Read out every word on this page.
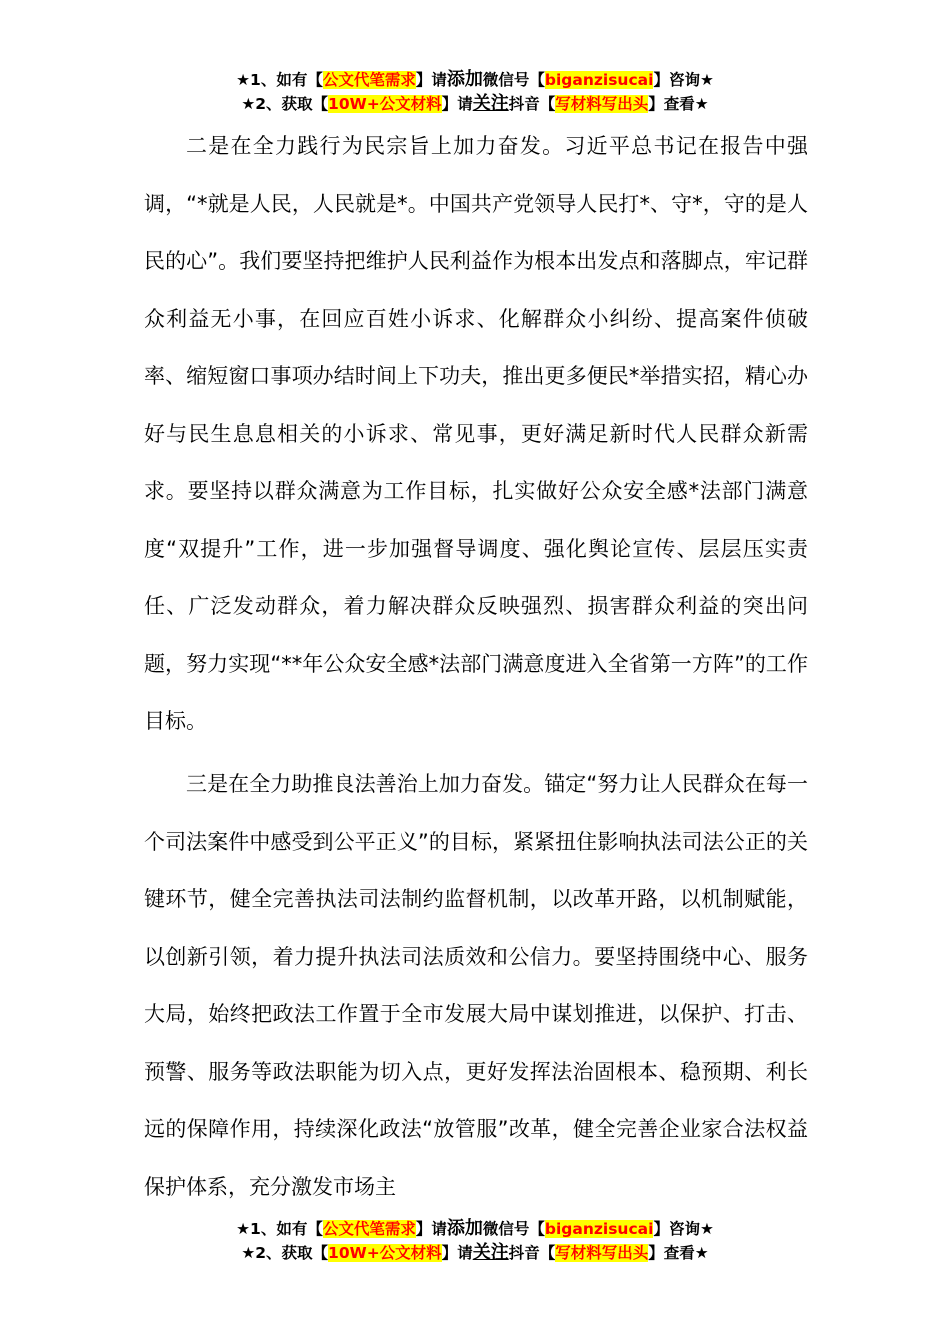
★1、如有【公文代笔需求】请添加微信号【biganzisucai】咨询★
★2、获取【10W+公文材料】请关注抖音【写材料写出头】查看★

二是在全力践行为民宗旨上加力奋发。习近平总书记在报告中强调，“*就是人民，人民就是*。中国共产党领导人民打*、守*，守的是人民的心”。我们要坚持把维护人民利益作为根本出发点和落脚点，牢记群众利益无小事，在回应百姓小诉求、化解群众小纠纷、提高案件侦破率、缩短窗口事项办结时间上下功夫，推出更多便民*举措实招，精心办好与民生息息相关的小诉求、常见事，更好满足新时代人民群众新需求。要坚持以群众满意为工作目标，扎实做好公众安全感*法部门满意度“双提升”工作，进一步加强督导调度、强化舆论宣传、层层压实责任、广泛发动群众，着力解决群众反映强烈、损害群众利益的突出问题，努力实现“**年公众安全感*法部门满意度进入全省第一方阵”的工作目标。

三是在全力助推良法善治上加力奋发。锚定“努力让人民群众在每一个司法案件中感受到公平正义”的目标，紧紧扭住影响执法司法公正的关键环节，健全完善执法司法制约监督机制，以改革开路，以机制赋能，以创新引领，着力提升执法司法质效和公信力。要坚持围绕中心、服务大局，始终把政法工作置于全市发展大局中谋划推进，以保护、打击、预警、服务等政法职能为切入点，更好发挥法治固根本、稳预期、利长远的保障作用，持续深化政法“放管服”改革，健全完善企业家合法权益保护体系，充分激发市场主

★1、如有【公文代笔需求】请添加微信号【biganzisucai】咨询★
★2、获取【10W+公文材料】请关注抖音【写材料写出头】查看★
